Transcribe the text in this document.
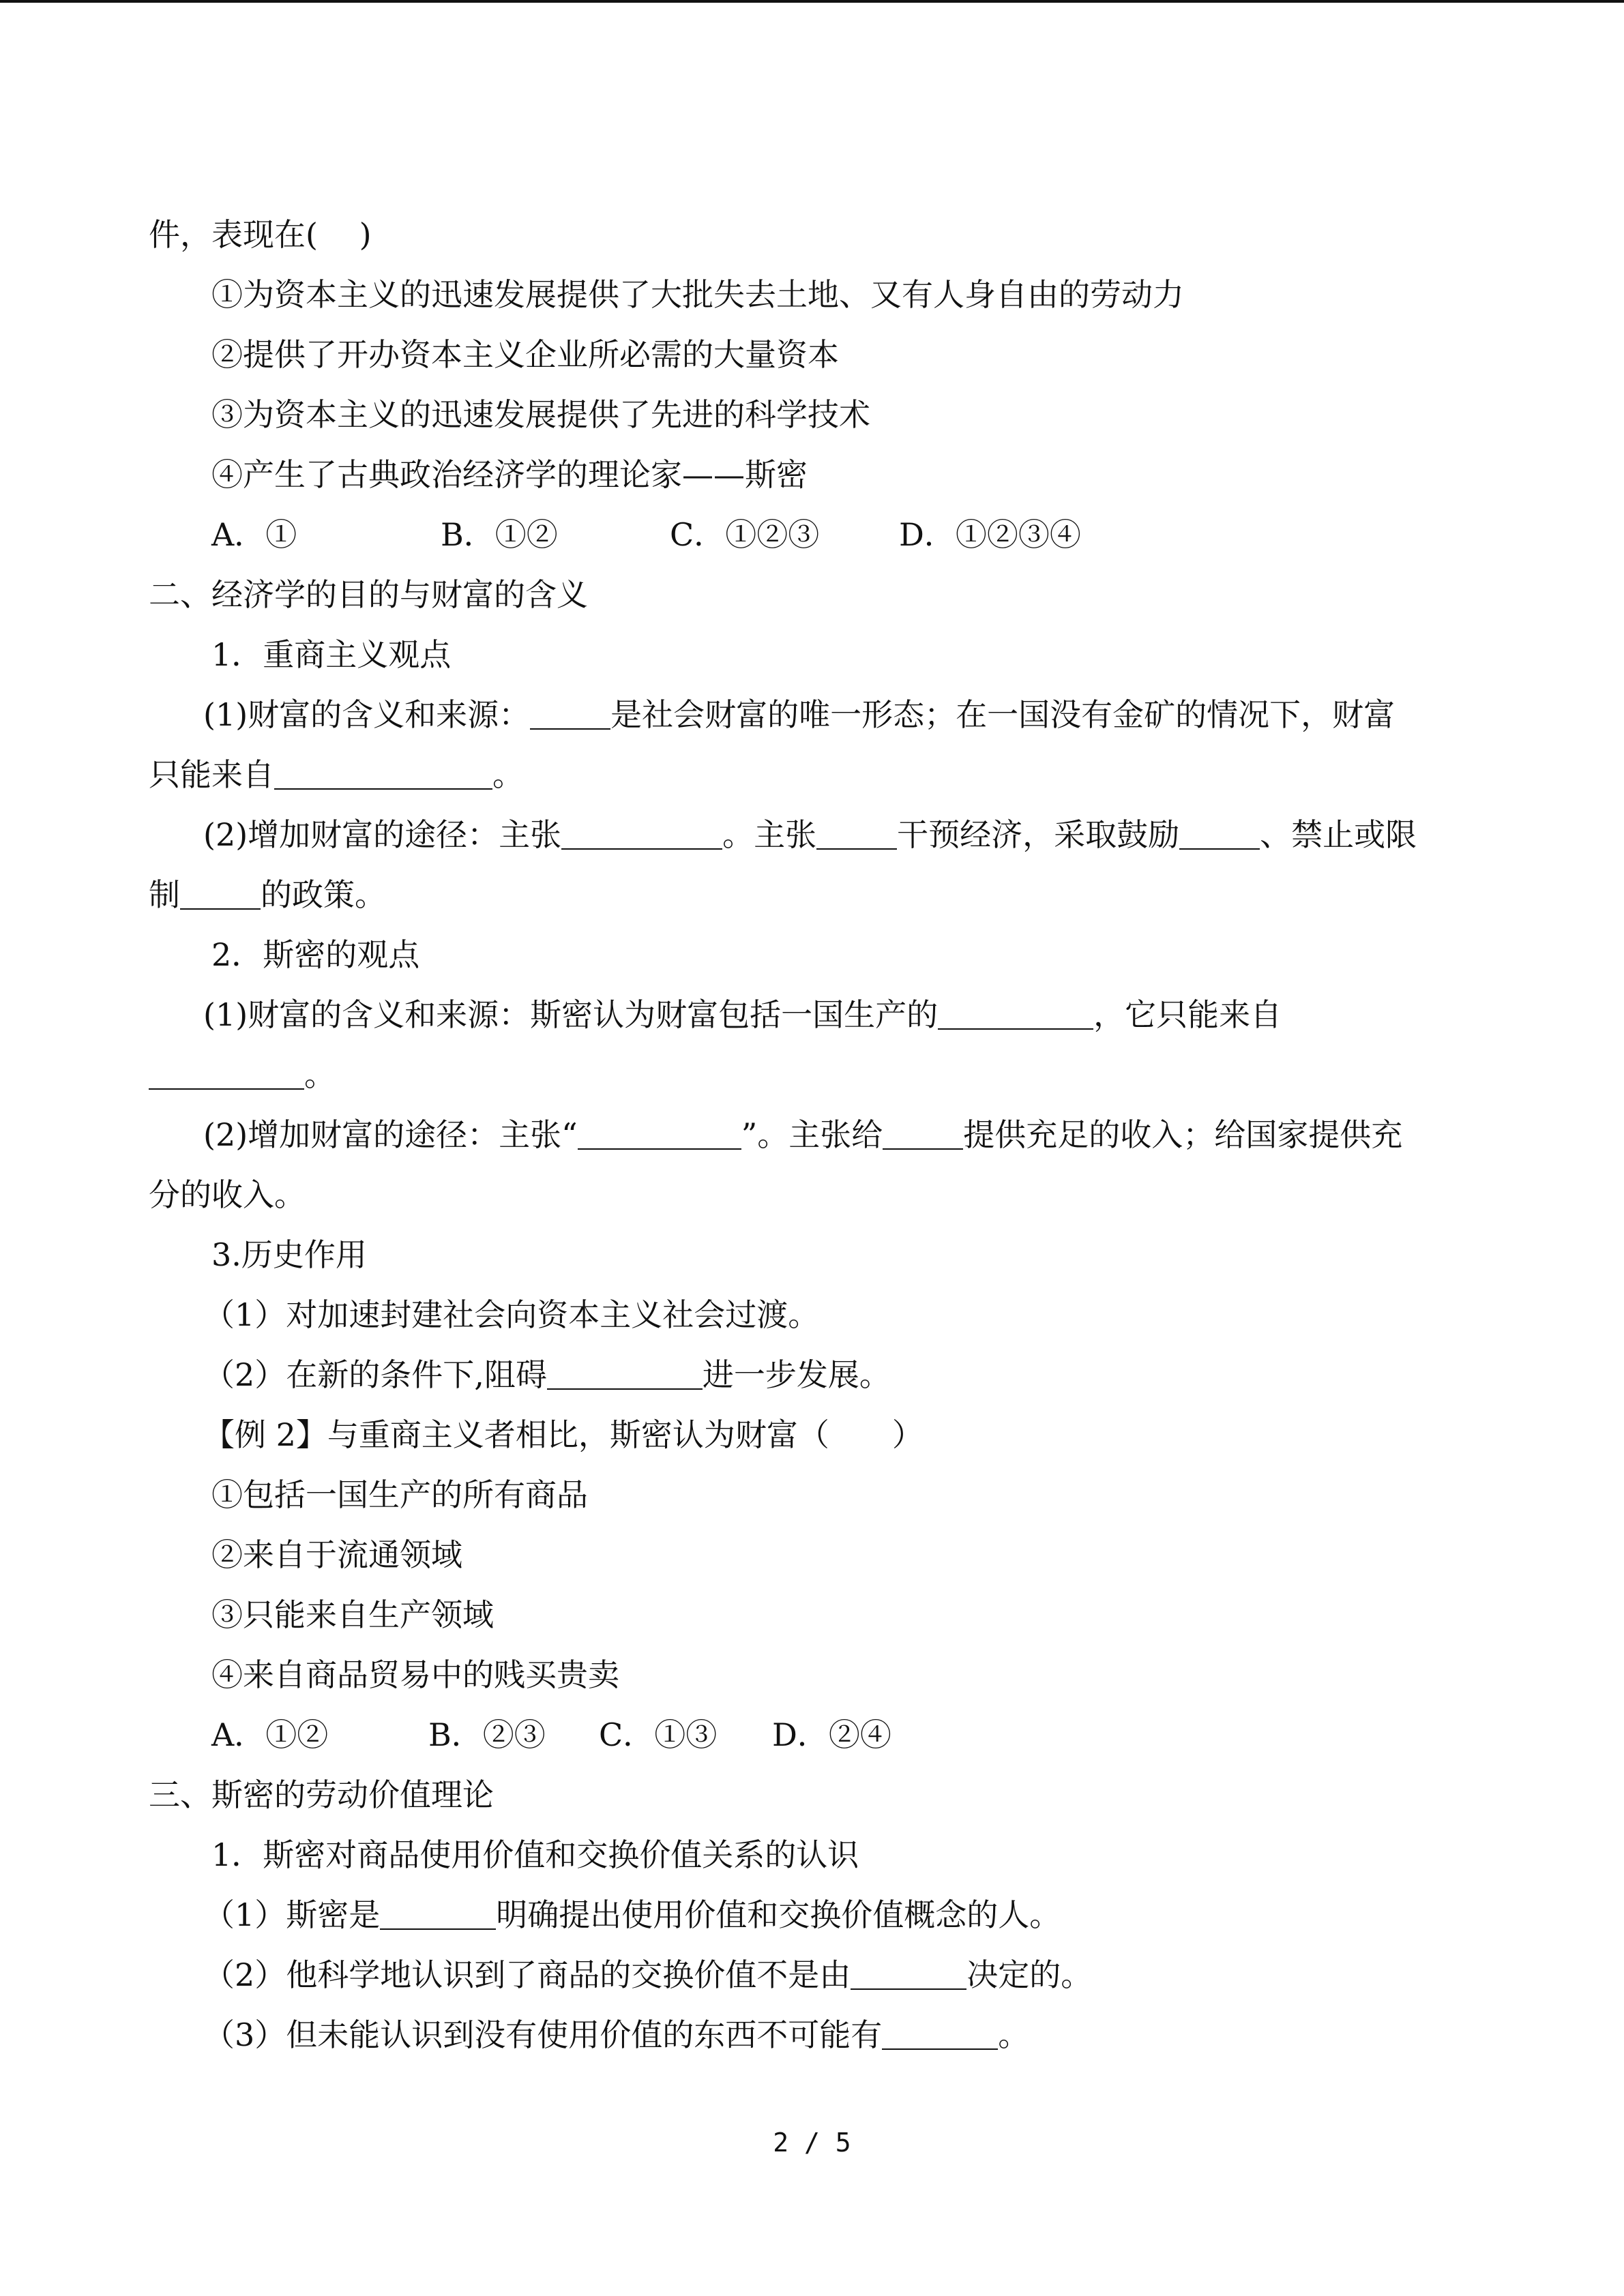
件，表现在(　 )
①为资本主义的迅速发展提供了大批失去土地、又有人身自由的劳动力
②提供了开办资本主义企业所必需的大量资本
③为资本主义的迅速发展提供了先进的科学技术
④产生了古典政治经济学的理论家——斯密
A．①	B．①②	C．①②③	D．①②③④
二、经济学的目的与财富的含义
1．重商主义观点
(1)财富的含义和来源：	是社会财富的唯一形态；在一国没有金矿的情况下，财富
只能来自	。
(2)增加财富的途径：主张	。主张	干预经济，采取鼓励	、禁止或限
制	的政策。
2．斯密的观点
(1)财富的含义和来源：斯密认为财富包括一国生产的	，它只能来自
。
(2)增加财富的途径：主张“	”。主张给	提供充足的收入；给国家提供充
分的收入。
3.历史作用
（1）对加速封建社会向资本主义社会过渡。
（2）在新的条件下,阻碍	进一步发展。
【例 2】与重商主义者相比，斯密认为财富（　　）
①包括一国生产的所有商品
②来自于流通领域
③只能来自生产领域
④来自商品贸易中的贱买贵卖
A．①②	B．②③ C．①③ D．②④
三、斯密的劳动价值理论
1．斯密对商品使用价值和交换价值关系的认识
（1）斯密是	明确提出使用价值和交换价值概念的人。
（2）他科学地认识到了商品的交换价值不是由	决定的。
（3）但未能认识到没有使用价值的东西不可能有	。
2 / 5
